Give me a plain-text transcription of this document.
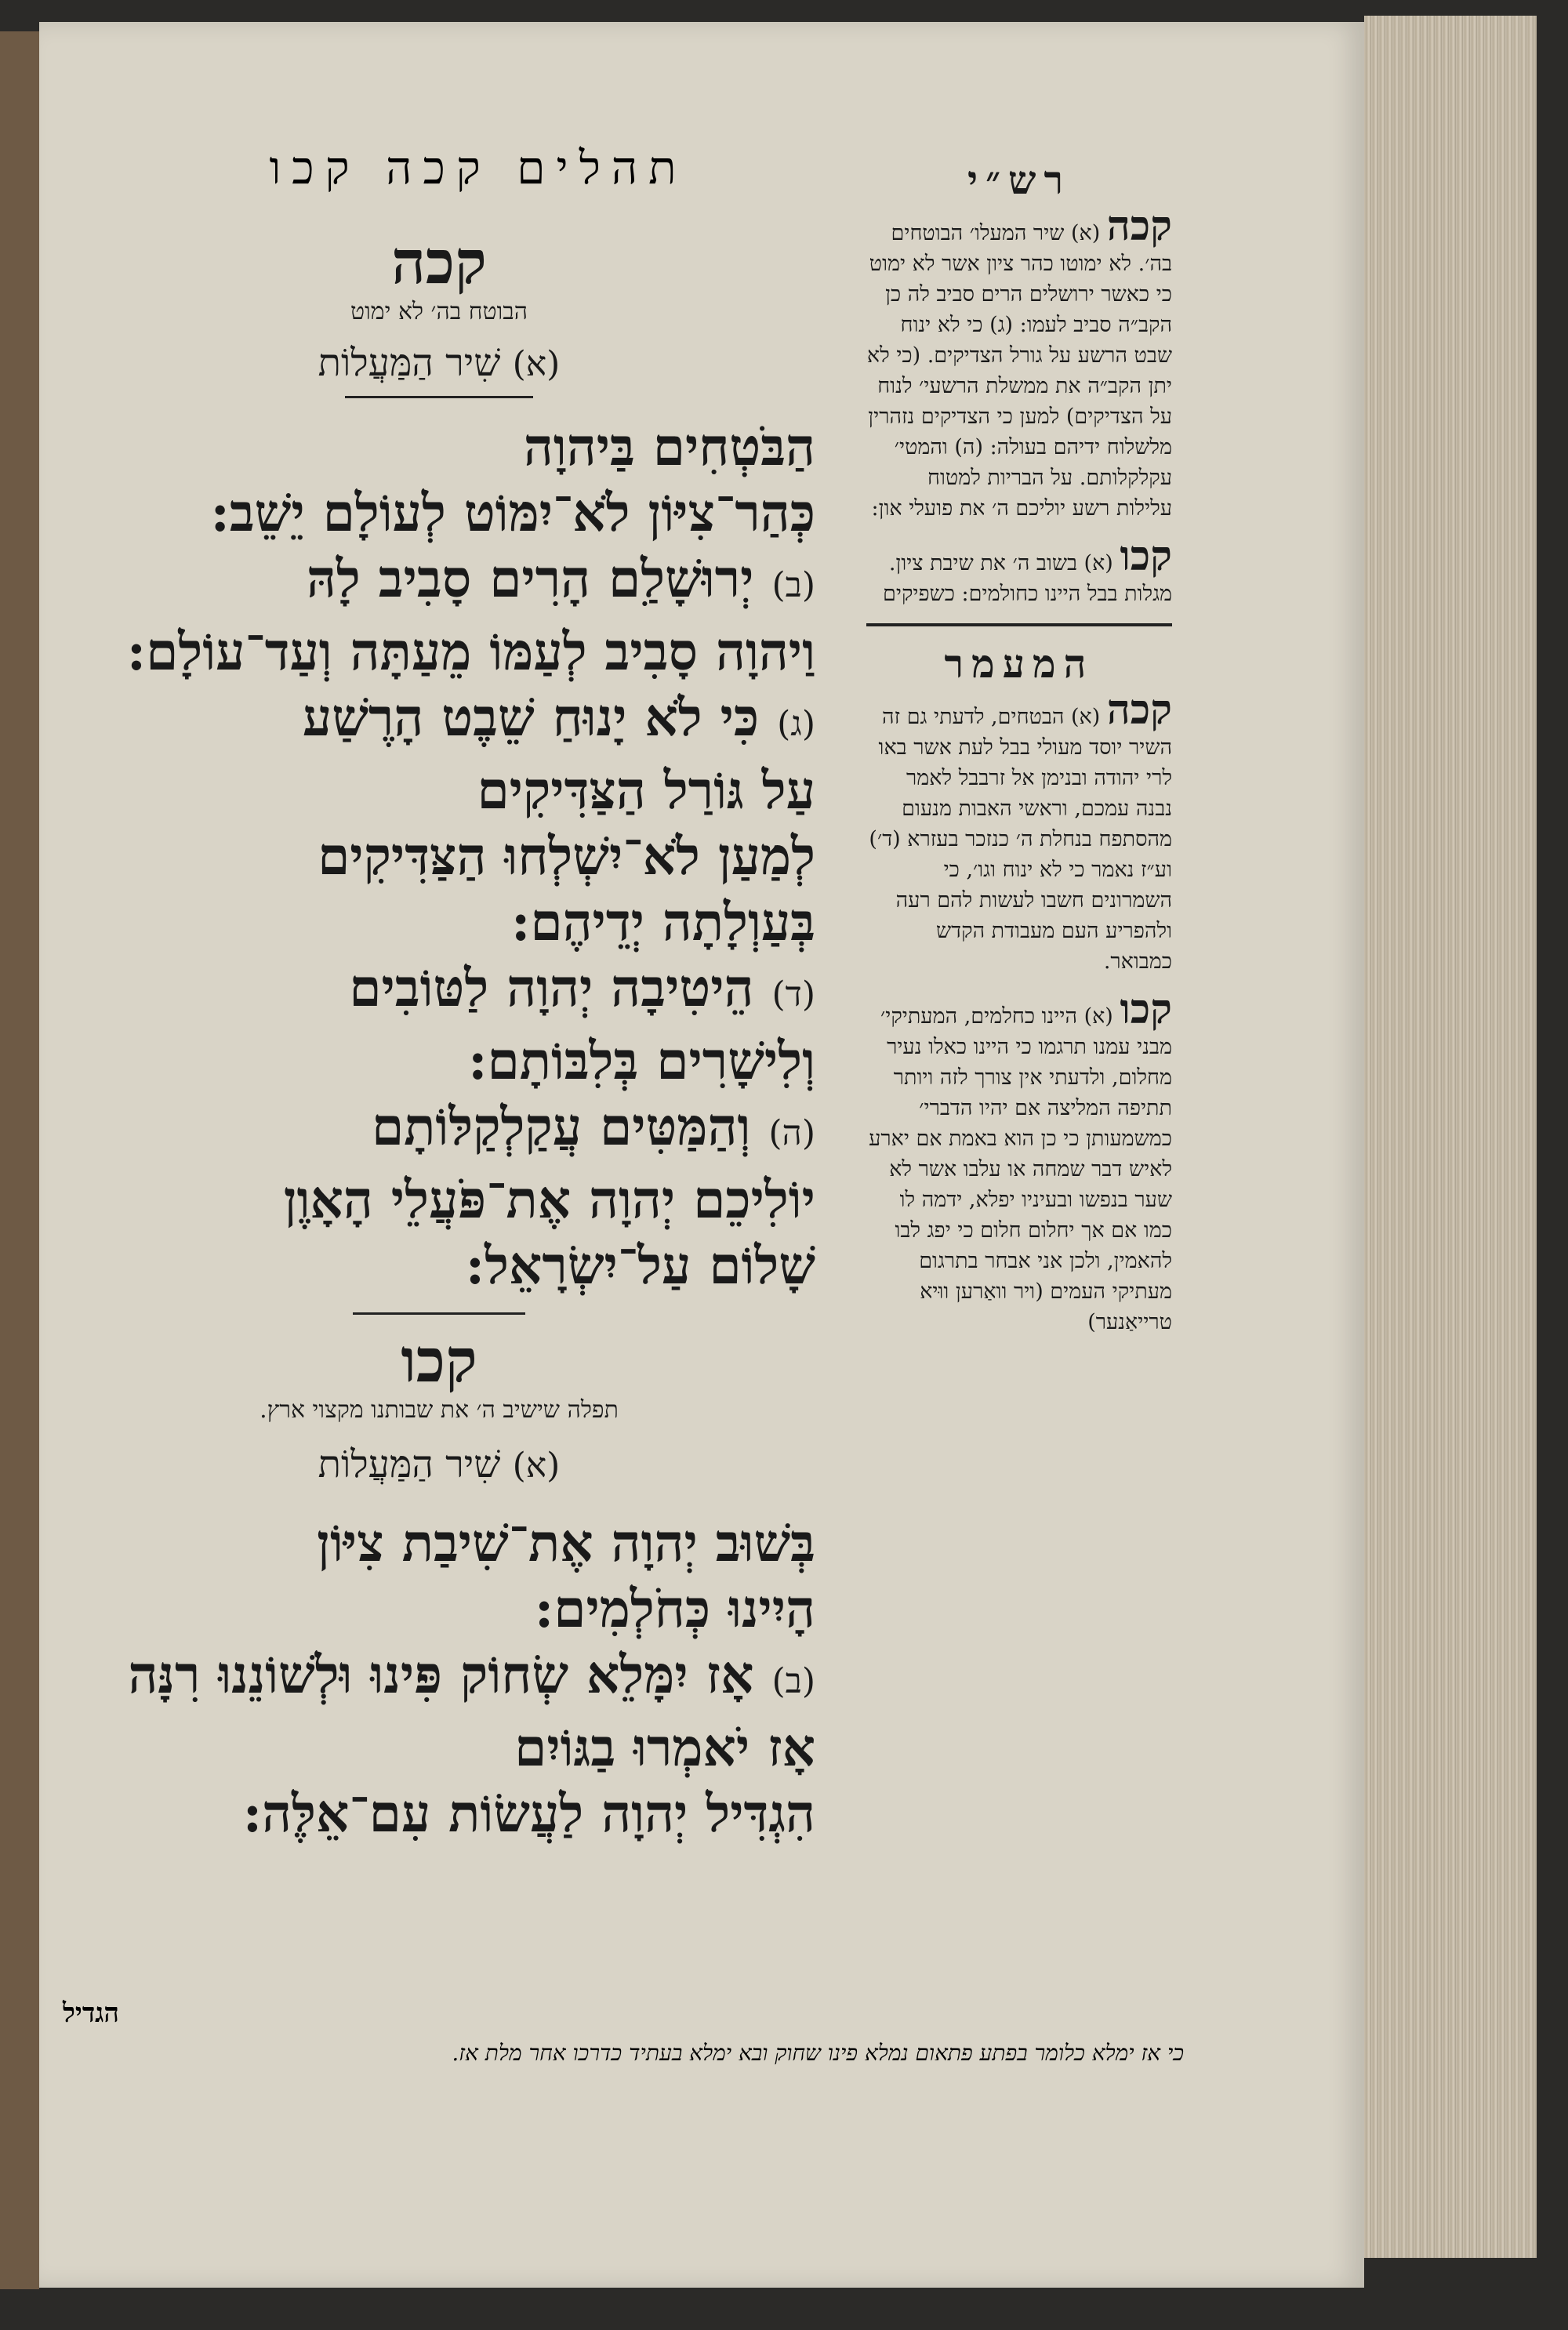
תהלים קכה קכו
קכה
הבוטח בה׳ לא ימוט
(א) שִׁיר הַמַּעֲלוֹת
הַבֹּטְחִים בַּיהוָה
כְּהַר־צִיּוֹן לֹא־יִמּוֹט לְעוֹלָם יֵשֵׁב:
(ב) יְרוּשָׁלִַם הָרִים סָבִיב לָהּ
וַיהוָה סָבִיב לְעַמּוֹ מֵעַתָּה וְעַד־עוֹלָם:
(ג) כִּי לֹא יָנוּחַ שֵׁבֶט הָרֶשַׁע
עַל גּוֹרַל הַצַּדִּיקִים
לְמַעַן לֹא־יִשְׁלְחוּ הַצַּדִּיקִים
בְּעַוְלָתָה יְדֵיהֶם:
(ד) הֵיטִיבָה יְהוָה לַטּוֹבִים
וְלִישָׁרִים בְּלִבּוֹתָם:
(ה) וְהַמַּטִּים עֲקַלְקַלּוֹתָם
יוֹלִיכֵם יְהוָה אֶת־פֹּעֲלֵי הָאָוֶן
שָׁלוֹם עַל־יִשְׂרָאֵל:
קכו
תפלה שישיב ה׳ את שבותנו מקצוי ארץ.
(א) שִׁיר הַמַּעֲלוֹת
בְּשׁוּב יְהוָה אֶת־שִׁיבַת צִיּוֹן
הָיִינוּ כְּחֹלְמִים:
(ב) אָז יִמָּלֵא שְׂחוֹק פִּינוּ וּלְשׁוֹנֵנוּ רִנָּה
אָז יֹאמְרוּ בַגּוֹיִם
הִגְדִּיל יְהוָה לַעֲשׂוֹת עִם־אֵלֶּה:
הגדיל
כי אז ימלא כלומר בפתע פתאום נמלא פינו שחוק ובא ימלא בעתיד כדרכו אחר מלת אז.
רש״י
קכה (א) שיר המעלו׳ הבוטחים בה׳. לא ימוטו כהר ציון אשר לא ימוט כי כאשר ירושלים הרים סביב לה כן הקב״ה סביב לעמו: (ג) כי לא ינוח שבט הרשע על גורל הצדיקים. (כי לא יתן הקב״ה את ממשלת הרשעי׳ לנוח על הצדיקים) למען כי הצדיקים נזהרין מלשלוח ידיהם בעולה: (ה) והמטי׳ עקלקלותם. על הבריות למטוח עלילות רשע יוליכם ה׳ את פועלי און:
קכו (א) בשוב ה׳ את שיבת ציון. מגלות בבל היינו כחולמים: כשפיקים
המעמר
קכה (א) הבטחים, לדעתי גם זה השיר יוסד מעולי בבל לעת אשר באו לרי יהודה ובנימן אל זרבבל לאמר נבנה עמכם, וראשי האבות מנעום מהסתפח בנחלת ה׳ כנזכר בעזרא (ד׳) וע״ז נאמר כי לא ינוח וגו׳, כי השמרונים חשבו לעשות להם רעה ולהפריע העם מעבודת הקדש כמבואר.
קכו (א) היינו כחלמים, המעתיקי׳ מבני עמנו תרגמו כי היינו כאלו נעיר מחלום, ולדעתי אין צורך לזה ויותר תתיפה המליצה אם יהיו הדברי׳ כמשמעותן כי כן הוא באמת אם יארע לאיש דבר שמחה או עלבו אשר לא שער בנפשו ובעיניו יפלא, ידמה לו כמו אם אך יחלום חלום כי יפג לבו להאמין, ולכן אני אבחר בתרגום מעתיקי העמים (ויר וואַרען ווּיא טרייאַנער)
